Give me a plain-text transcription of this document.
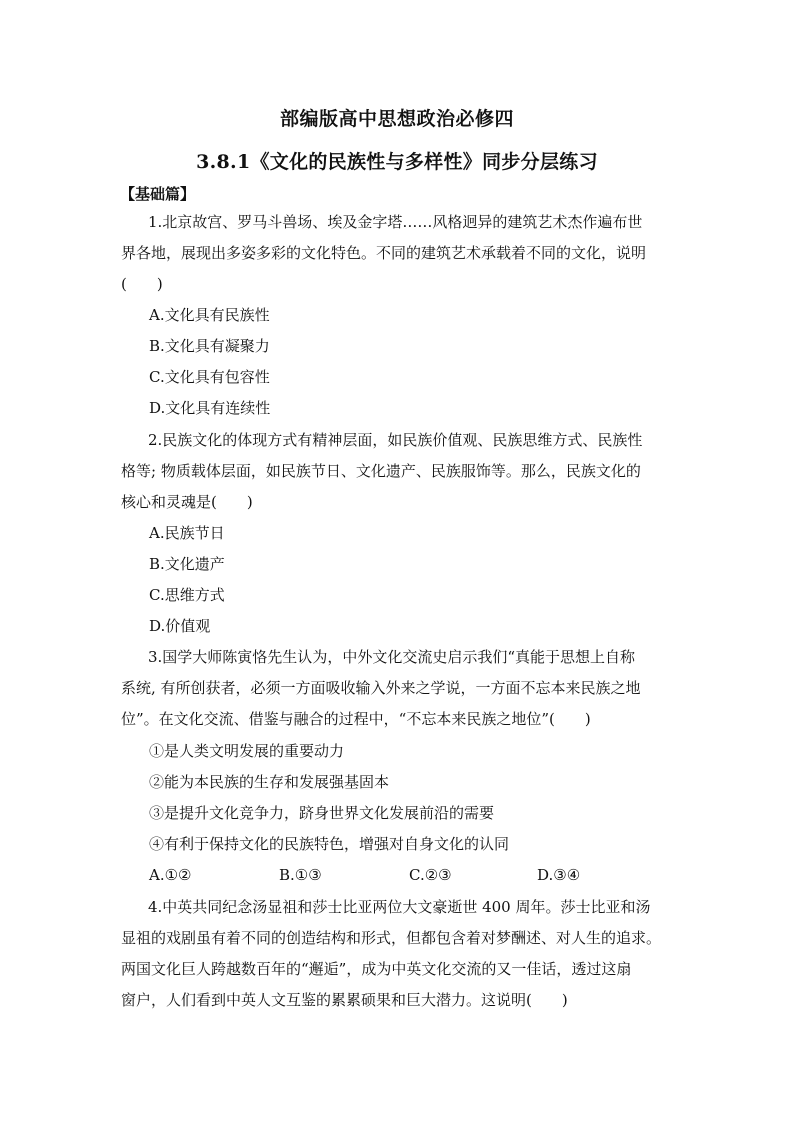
部编版高中思想政治必修四
3.8.1《文化的民族性与多样性》同步分层练习
【基础篇】
1.北京故宫、罗马斗兽场、埃及金字塔……风格迥异的建筑艺术杰作遍布世
界各地，展现出多姿多彩的文化特色。不同的建筑艺术承载着不同的文化，说明
(　　)
A.文化具有民族性
B.文化具有凝聚力
C.文化具有包容性
D.文化具有连续性
2.民族文化的体现方式有精神层面，如民族价值观、民族思维方式、民族性
格等; 物质载体层面，如民族节日、文化遗产、民族服饰等。那么，民族文化的
核心和灵魂是(　　)
A.民族节日
B.文化遗产
C.思维方式
D.价值观
3.国学大师陈寅恪先生认为，中外文化交流史启示我们“真能于思想上自称
系统, 有所创获者，必须一方面吸收输入外来之学说，一方面不忘本来民族之地
位”。在文化交流、借鉴与融合的过程中，“不忘本来民族之地位”(　　)
①是人类文明发展的重要动力
②能为本民族的生存和发展强基固本
③是提升文化竞争力，跻身世界文化发展前沿的需要
④有利于保持文化的民族特色，增强对自身文化的认同
A.①②	B.①③	C.②③	D.③④
4.中英共同纪念汤显祖和莎士比亚两位大文豪逝世 400 周年。莎士比亚和汤
显祖的戏剧虽有着不同的创造结构和形式，但都包含着对梦酬述、对人生的追求。
两国文化巨人跨越数百年的“邂逅”，成为中英文化交流的又一佳话，透过这扇
窗户，人们看到中英人文互鉴的累累硕果和巨大潜力。这说明(　　)
